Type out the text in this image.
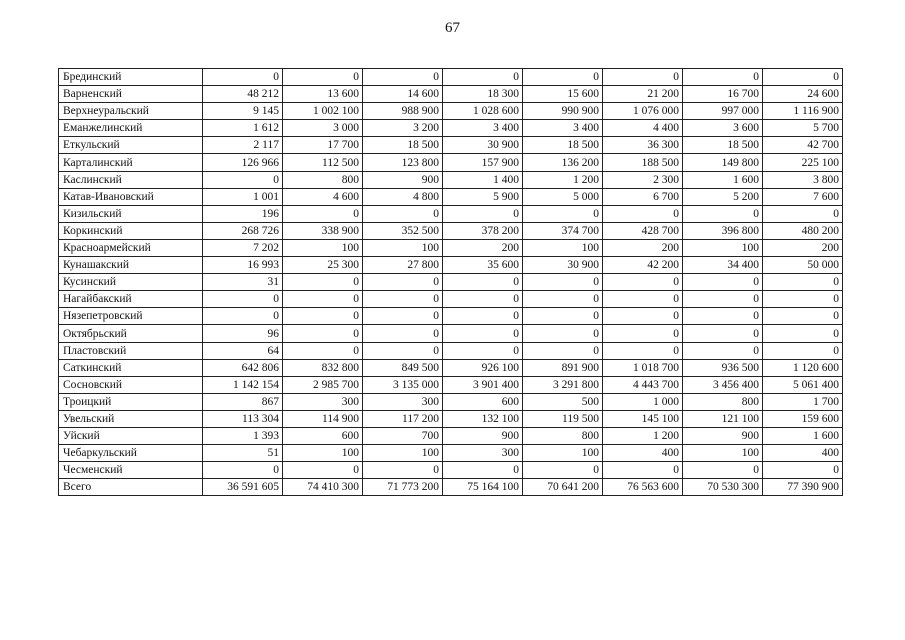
67
Брединский	0	0	0	0	0	0	0	0
Варненский	48 212	13 600	14 600	18 300	15 600	21 200	16 700	24 600
Верхнеуральский	9 145	1 002 100	988 900	1 028 600	990 900	1 076 000	997 000	1 116 900
Еманжелинский	1 612	3 000	3 200	3 400	3 400	4 400	3 600	5 700
Еткульский	2 117	17 700	18 500	30 900	18 500	36 300	18 500	42 700
Карталинский	126 966	112 500	123 800	157 900	136 200	188 500	149 800	225 100
Каслинский	0	800	900	1 400	1 200	2 300	1 600	3 800
Катав-Ивановский	1 001	4 600	4 800	5 900	5 000	6 700	5 200	7 600
Кизильский	196	0	0	0	0	0	0	0
Коркинский	268 726	338 900	352 500	378 200	374 700	428 700	396 800	480 200
Красноармейский	7 202	100	100	200	100	200	100	200
Кунашакский	16 993	25 300	27 800	35 600	30 900	42 200	34 400	50 000
Кусинский	31	0	0	0	0	0	0	0
Нагайбакский	0	0	0	0	0	0	0	0
Нязепетровский	0	0	0	0	0	0	0	0
Октябрьский	96	0	0	0	0	0	0	0
Пластовский	64	0	0	0	0	0	0	0
Саткинский	642 806	832 800	849 500	926 100	891 900	1 018 700	936 500	1 120 600
Сосновский	1 142 154	2 985 700	3 135 000	3 901 400	3 291 800	4 443 700	3 456 400	5 061 400
Троицкий	867	300	300	600	500	1 000	800	1 700
Увельский	113 304	114 900	117 200	132 100	119 500	145 100	121 100	159 600
Уйский	1 393	600	700	900	800	1 200	900	1 600
Чебаркульский	51	100	100	300	100	400	100	400
Чесменский	0	0	0	0	0	0	0	0
Всего	36 591 605	74 410 300	71 773 200	75 164 100	70 641 200	76 563 600	70 530 300	77 390 900
